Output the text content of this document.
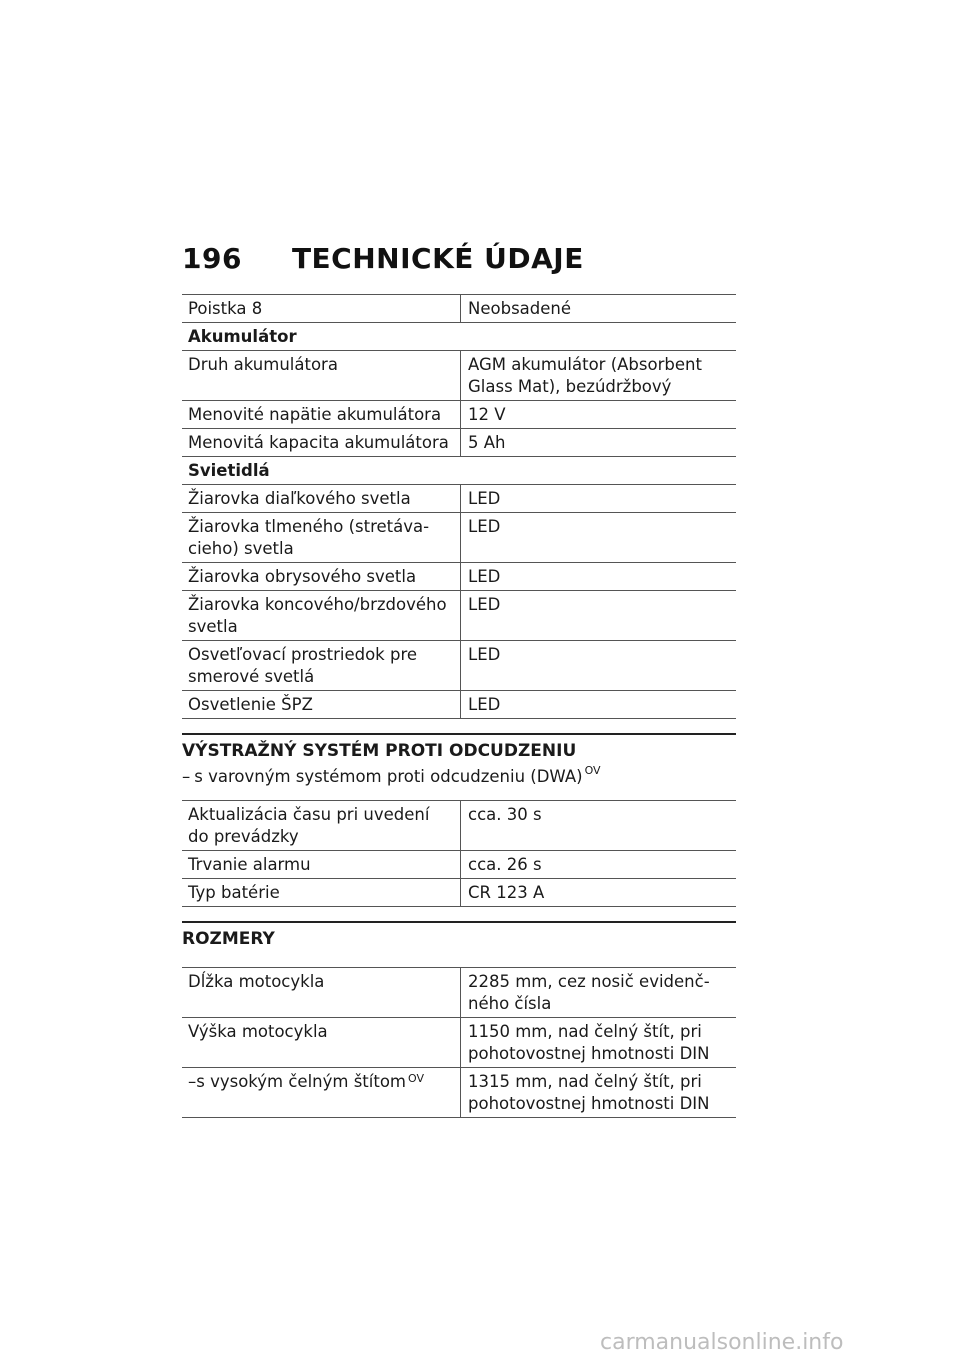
196 TECHNICKÉ ÚDAJE
Poistka 8	Neobsadené
Akumulátor	
Druh akumulátora	AGM akumulátor (Absorbent Glass Mat), bezúdržbový
Menovité napätie akumulátora	12 V
Menovitá kapacita akumulátora	5 Ah
Svietidlá	
Žiarovka diaľkového svetla	LED
Žiarovka tlmeného (stretáva-cieho) svetla	LED
Žiarovka obrysového svetla	LED
Žiarovka koncového/brzdového svetla	LED
Osvetľovací prostriedok pre smerové svetlá	LED
Osvetlenie ŠPZ	LED
VÝSTRAŽNÝ SYSTÉM PROTI ODCUDZENIU
– s varovným systémom proti odcudzeniu (DWA) $^{OV}$
Aktualizácia času pri uvedení do prevádzky	cca. 30 s
Trvanie alarmu	cca. 26 s
Typ batérie	CR 123 A
ROZMERY
Dĺžka motocykla	2285 mm, cez nosič evidenč-ného čísla
Výška motocykla	1150 mm, nad čelný štít, pri pohotovostnej hmotnosti DIN
–s vysokým čelným štítom $^{OV}$	1315 mm, nad čelný štít, pri pohotovostnej hmotnosti DIN
carmanualsonline.info
